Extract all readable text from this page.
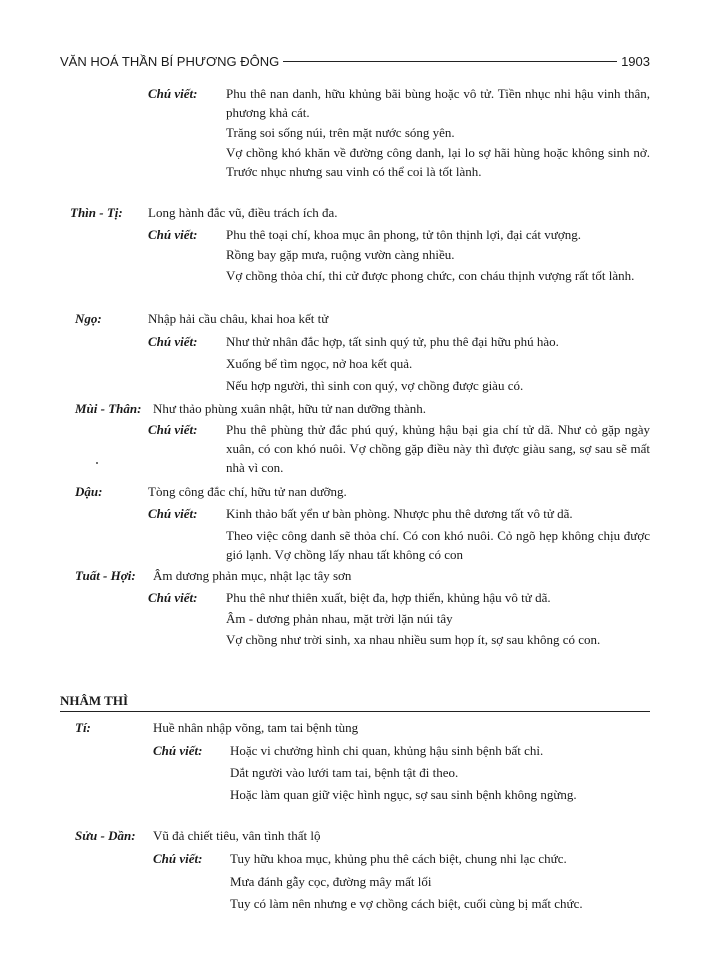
VĂN HOÁ THẦN BÍ PHƯƠNG ĐÔNG	1903
Chú viết: Phu thê nan danh, hữu khủng bãi bùng hoặc vô tử. Tiền nhục nhi hậu vinh thân, phương khả cát.
Trăng soi sống núi, trên mặt nước sóng yên.
Vợ chồng khó khăn về đường công danh, lại lo sợ hãi hùng hoặc không sinh nở. Trước nhục nhưng sau vinh có thể coi là tốt lành.
Thìn - Tị: Long hành đắc vũ, điều trách ích đa.
Chú viết: Phu thê toại chí, khoa mục ân phong, tử tôn thịnh lợi, đại cát vượng.
Rồng bay gặp mưa, ruộng vườn càng nhiều.
Vợ chồng thỏa chí, thi cử được phong chức, con cháu thịnh vượng rất tốt lành.
Ngọ:	Nhập hải cầu châu, khai hoa kết tử
Chú viết: Như thử nhân đắc hợp, tất sinh quý tử, phu thê đại hữu phú hào.
Xuống bể tìm ngọc, nở hoa kết quả.
Nếu hợp người, thì sinh con quý, vợ chồng được giàu có.
Mùi - Thân: Như thảo phùng xuân nhật, hữu tử nan dưỡng thành.
Chú viết: Phu thê phùng thử đắc phú quý, khủng hậu bại gia chí tử dã. Như cỏ gặp ngày xuân, có con khó nuôi. Vợ chồng gặp điều này thì được giàu sang, sợ sau sẽ mất nhà vì con.
Dậu:	Tòng công đắc chí, hữu tử nan dưỡng.
Chú viết: Kinh thảo bất yển ư bàn phòng. Nhược phu thê dương tất vô tử dã.
Theo việc công danh sẽ thỏa chí. Có con khó nuôi. Cỏ ngõ hẹp không chịu được gió lạnh. Vợ chồng lấy nhau tất không có con
Tuất - Hợi: Âm dương phản mục, nhật lạc tây sơn
Chú viết: Phu thê như thiên xuất, biệt đa, hợp thiển, khủng hậu vô tử dã.
Âm - dương phản nhau, mặt trời lặn núi tây
Vợ chồng như trời sinh, xa nhau nhiều sum họp ít, sợ sau không có con.
NHÂM THÌ
Tí:	Huề nhân nhập võng, tam tai bệnh tùng
Chú viết: Hoặc vi chưởng hình chi quan, khủng hậu sinh bệnh bất chỉ.
Dắt người vào lưới tam tai, bệnh tật đi theo.
Hoặc làm quan giữ việc hình ngục, sợ sau sinh bệnh không ngừng.
Sửu - Dần: Vũ đả chiết tiêu, vân tình thất lộ
Chú viết: Tuy hữu khoa mục, khủng phu thê cách biệt, chung nhi lạc chức.
Mưa đánh gẫy cọc, đường mây mất lối
Tuy có làm nên nhưng e vợ chồng cách biệt, cuối cùng bị mất chức.
